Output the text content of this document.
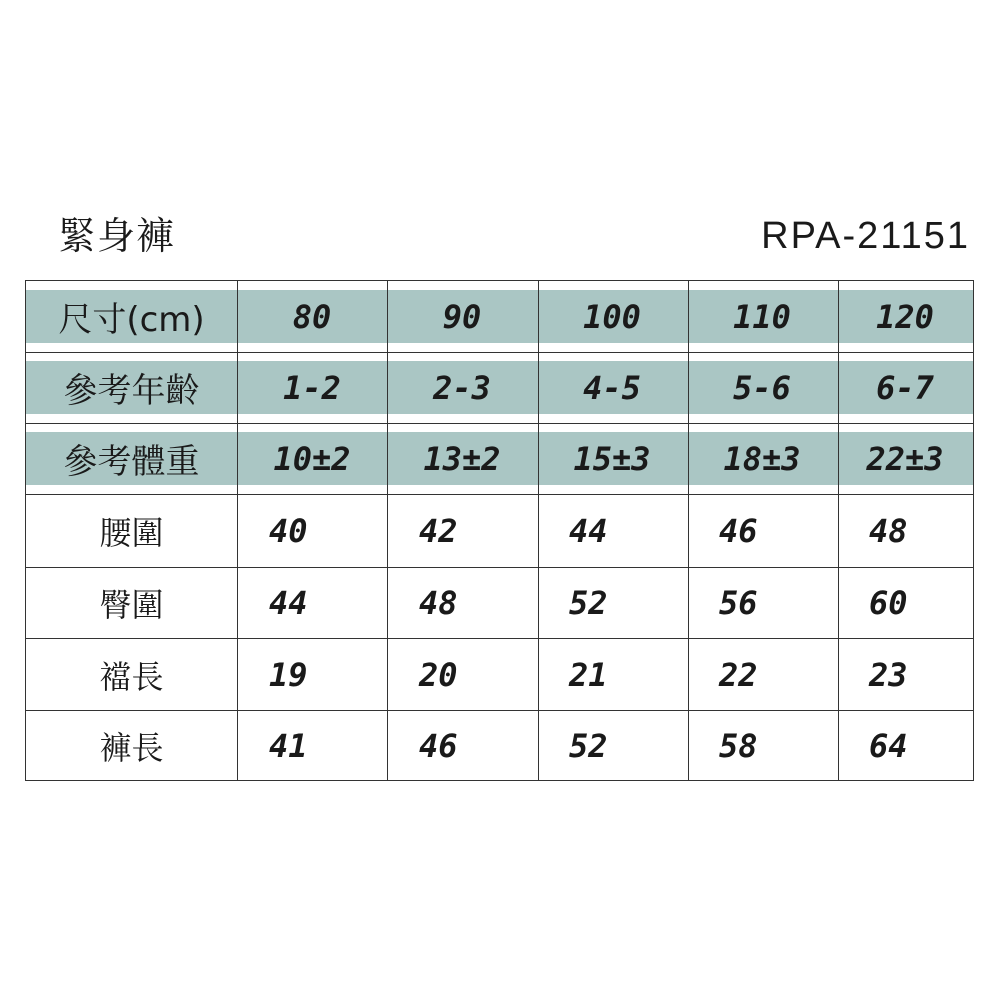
緊身褲	RPA-21151
尺寸(cm)	80	90	100	110	120
參考年齡	1-2	2-3	4-5	5-6	6-7
參考體重	10±2	13±2	15±3	18±3	22±3
腰圍	40	42	44	46	48
臀圍	44	48	52	56	60
襠長	19	20	21	22	23
褲長	41	46	52	58	64
